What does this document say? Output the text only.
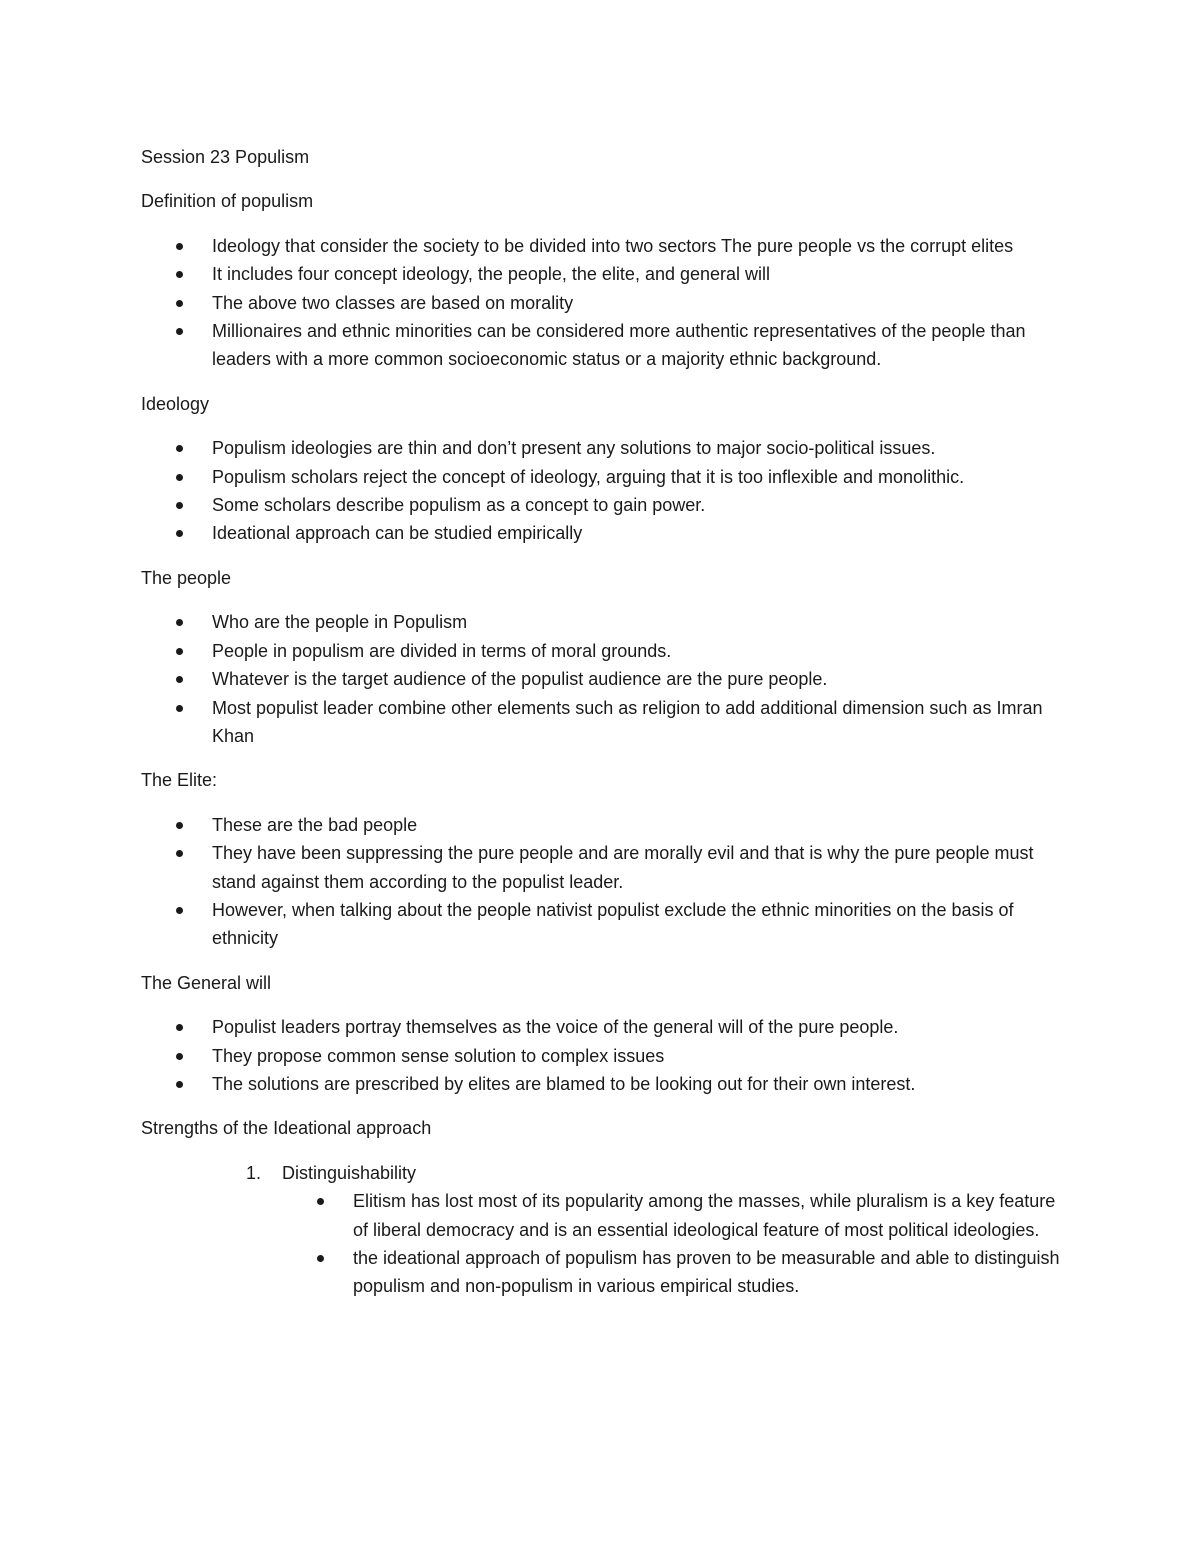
Session 23 Populism

Definition of populism

Ideology that consider the society to be divided into two sectors The pure people vs the corrupt elites
It includes four concept ideology, the people, the elite, and general will
The above two classes are based on morality
Millionaires and ethnic minorities can be considered more authentic representatives of the people than leaders with a more common socioeconomic status or a majority ethnic background.

Ideology

Populism ideologies are thin and don’t present any solutions to major socio-political issues.
Populism scholars reject the concept of ideology, arguing that it is too inflexible and monolithic.
Some scholars describe populism as a concept to gain power.
Ideational approach can be studied empirically

The people

Who are the people in Populism
People in populism are divided in terms of moral grounds.
Whatever is the target audience of the populist audience are the pure people.
Most populist leader combine other elements such as religion to add additional dimension such as Imran Khan

The Elite:

These are the bad people
They have been suppressing the pure people and are morally evil and that is why the pure people must stand against them according to the populist leader.
However, when talking about the people nativist populist exclude the ethnic minorities on the basis of ethnicity

The General will

Populist leaders portray themselves as the voice of the general will of the pure people.
They propose common sense solution to complex issues
The solutions are prescribed by elites are blamed to be looking out for their own interest.

Strengths of the Ideational approach

1. Distinguishability
Elitism has lost most of its popularity among the masses, while pluralism is a key feature of liberal democracy and is an essential ideological feature of most political ideologies.
the ideational approach of populism has proven to be measurable and able to distinguish populism and non-populism in various empirical studies.
